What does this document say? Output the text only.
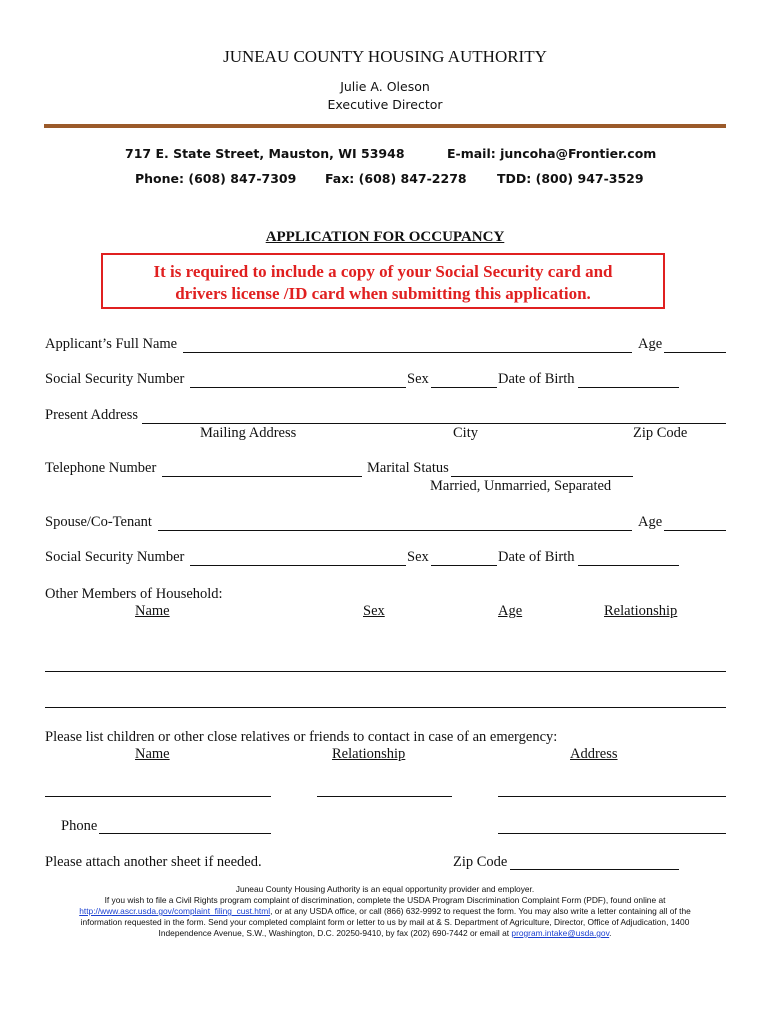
JUNEAU COUNTY HOUSING AUTHORITY
Julie A. Oleson
Executive Director
717 E. State Street, Mauston, WI 53948	E-mail: juncoha@Frontier.com
Phone: (608) 847-7309 Fax: (608) 847-2278 TDD: (800) 947-3529
APPLICATION FOR OCCUPANCY
It is required to include a copy of your Social Security card and
drivers license /ID card when submitting this application.
Applicant’s Full Name	Age
Social Security Number	Sex	Date of Birth
Present Address
Mailing Address	City	Zip Code
Telephone Number	Marital Status
Married, Unmarried, Separated
Spouse/Co-Tenant	Age
Social Security Number	Sex	Date of Birth
Other Members of Household:
Name	Sex	Age	Relationship
Please list children or other close relatives or friends to contact in case of an emergency:
Name	Relationship	Address
Phone
Please attach another sheet if needed.	Zip Code
Juneau County Housing Authority is an equal opportunity provider and employer.
If you wish to file a Civil Rights program complaint of discrimination, complete the USDA Program Discrimination Complaint Form (PDF), found online at
http://www.ascr.usda.gov/complaint_filing_cust.html, or at any USDA office, or call (866) 632-9992 to request the form. You may also write a letter containing all of the
information requested in the form. Send your completed complaint form or letter to us by mail at & S. Department of Agriculture, Director, Office of Adjudication, 1400
Independence Avenue, S.W., Washington, D.C. 20250-9410, by fax (202) 690-7442 or email at program.intake@usda.gov.
